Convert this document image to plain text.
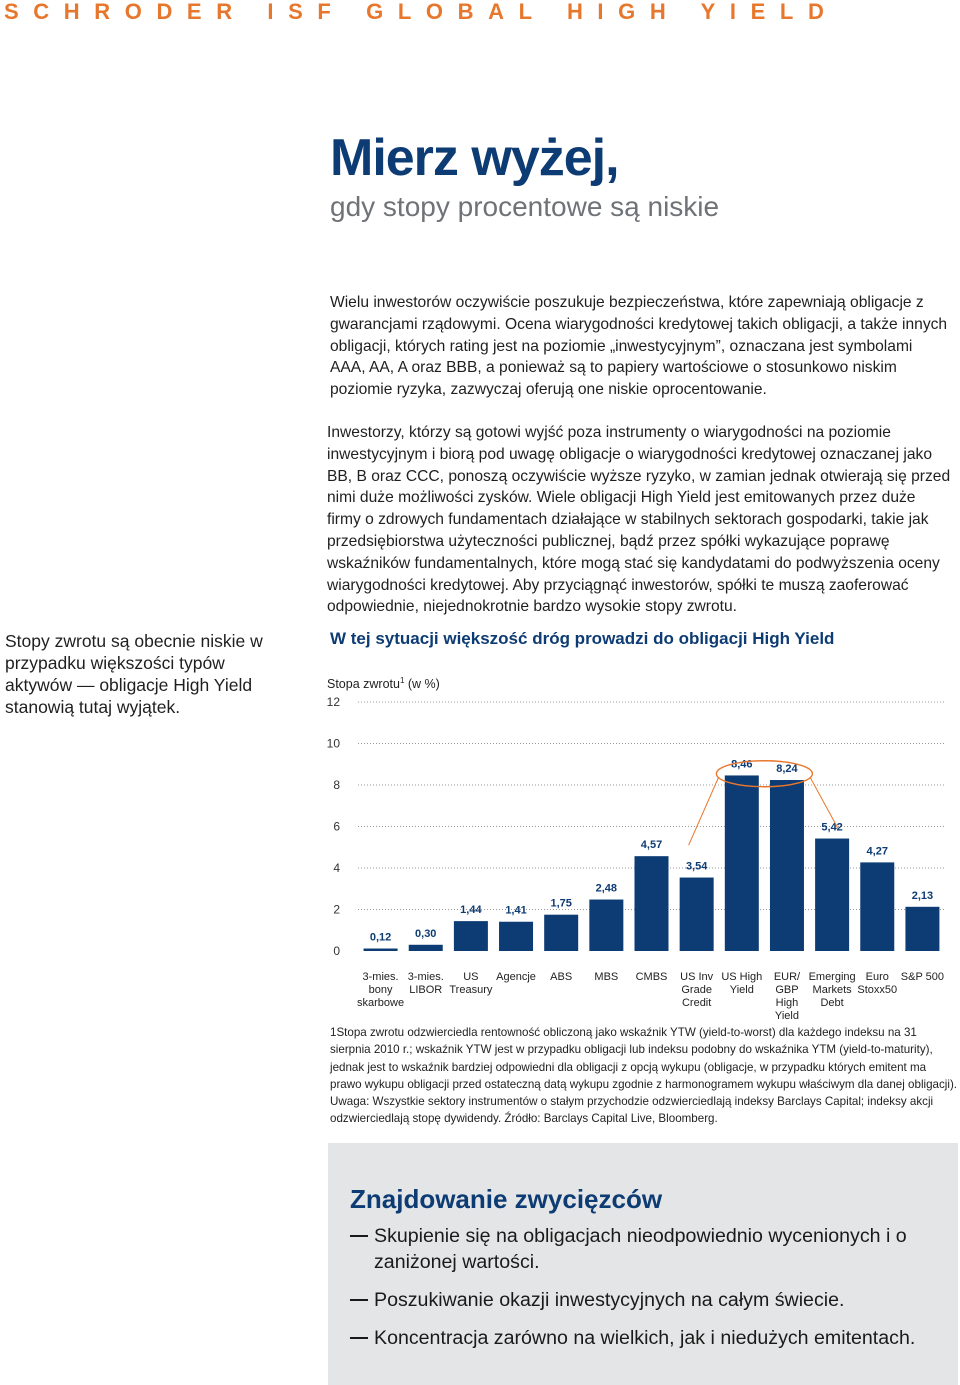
SCHRODER ISF GLOBAL HIGH YIELD
Mierz wyżej,
gdy stopy procentowe są niskie

Wielu inwestorów oczywiście poszukuje bezpieczeństwa, które zapewniają obligacje z gwarancjami rządowymi. Ocena wiarygodności kredytowej takich obligacji, a także innych obligacji, których rating jest na poziomie „inwestycyjnym”, oznaczana jest symbolami AAA, AA, A oraz BBB, a ponieważ są to papiery wartościowe o stosunkowo niskim poziomie ryzyka, zazwyczaj oferują one niskie oprocentowanie.

Inwestorzy, którzy są gotowi wyjść poza instrumenty o wiarygodności na poziomie inwestycyjnym i biorą pod uwagę obligacje o wiarygodności kredytowej oznaczanej jako BB, B oraz CCC, ponoszą oczywiście wyższe ryzyko, w zamian jednak otwierają się przed nimi duże możliwości zysków. Wiele obligacji High Yield jest emitowanych przez duże firmy o zdrowych fundamentach działające w stabilnych sektorach gospodarki, takie jak przedsiębiorstwa użyteczności publicznej, bądź przez spółki wykazujące poprawę wskaźników fundamentalnych, które mogą stać się kandydatami do podwyższenia oceny wiarygodności kredytowej. Aby przyciągnąć inwestorów, spółki te muszą zaoferować odpowiednie, niejednokrotnie bardzo wysokie stopy zwrotu.

Stopy zwrotu są obecnie niskie w przypadku większości typów aktywów — obligacje High Yield stanowią tutaj wyjątek.
W tej sytuacji większość dróg prowadzi do obligacji High Yield
Stopa zwrotu$^1$ (w %)
0
2
4
6
8
10
12
0,12
3-mies.
bony
skarbowe
0,30
3-mies.
LIBOR
1,44
US
Treasury
1,41
Agencje
1,75
ABS
2,48
MBS
4,57
CMBS
3,54
US Inv
Grade
Credit
8,46
US High
Yield
8,24
EUR/
GBP
High
Yield
5,42
Emerging
Markets
Debt
4,27
Euro
Stoxx50
2,13
S&P 500

1Stopa zwrotu odzwierciedla rentowność obliczoną jako wskaźnik YTW (yield-to-worst) dla każdego indeksu na 31 sierpnia 2010 r.; wskaźnik YTW jest w przypadku obligacji lub indeksu podobny do wskaźnika YTM (yield-to-maturity), jednak jest to wskaźnik bardziej odpowiedni dla obligacji z opcją wykupu (obligacje, w przypadku których emitent ma prawo wykupu obligacji przed ostateczną datą wykupu zgodnie z harmonogramem wykupu właściwym dla danej obligacji). Uwaga: Wszystkie sektory instrumentów o stałym przychodzie odzwierciedlają indeksy Barclays Capital; indeksy akcji odzwierciedlają stopę dywidendy. Źródło: Barclays Capital Live, Bloomberg.

Znajdowanie zwycięzców
Skupienie się na obligacjach nieodpowiednio wycenionych i o zaniżonej wartości.
Poszukiwanie okazji inwestycyjnych na całym świecie.
Koncentracja zarówno na wielkich, jak i niedużych emitentach.
